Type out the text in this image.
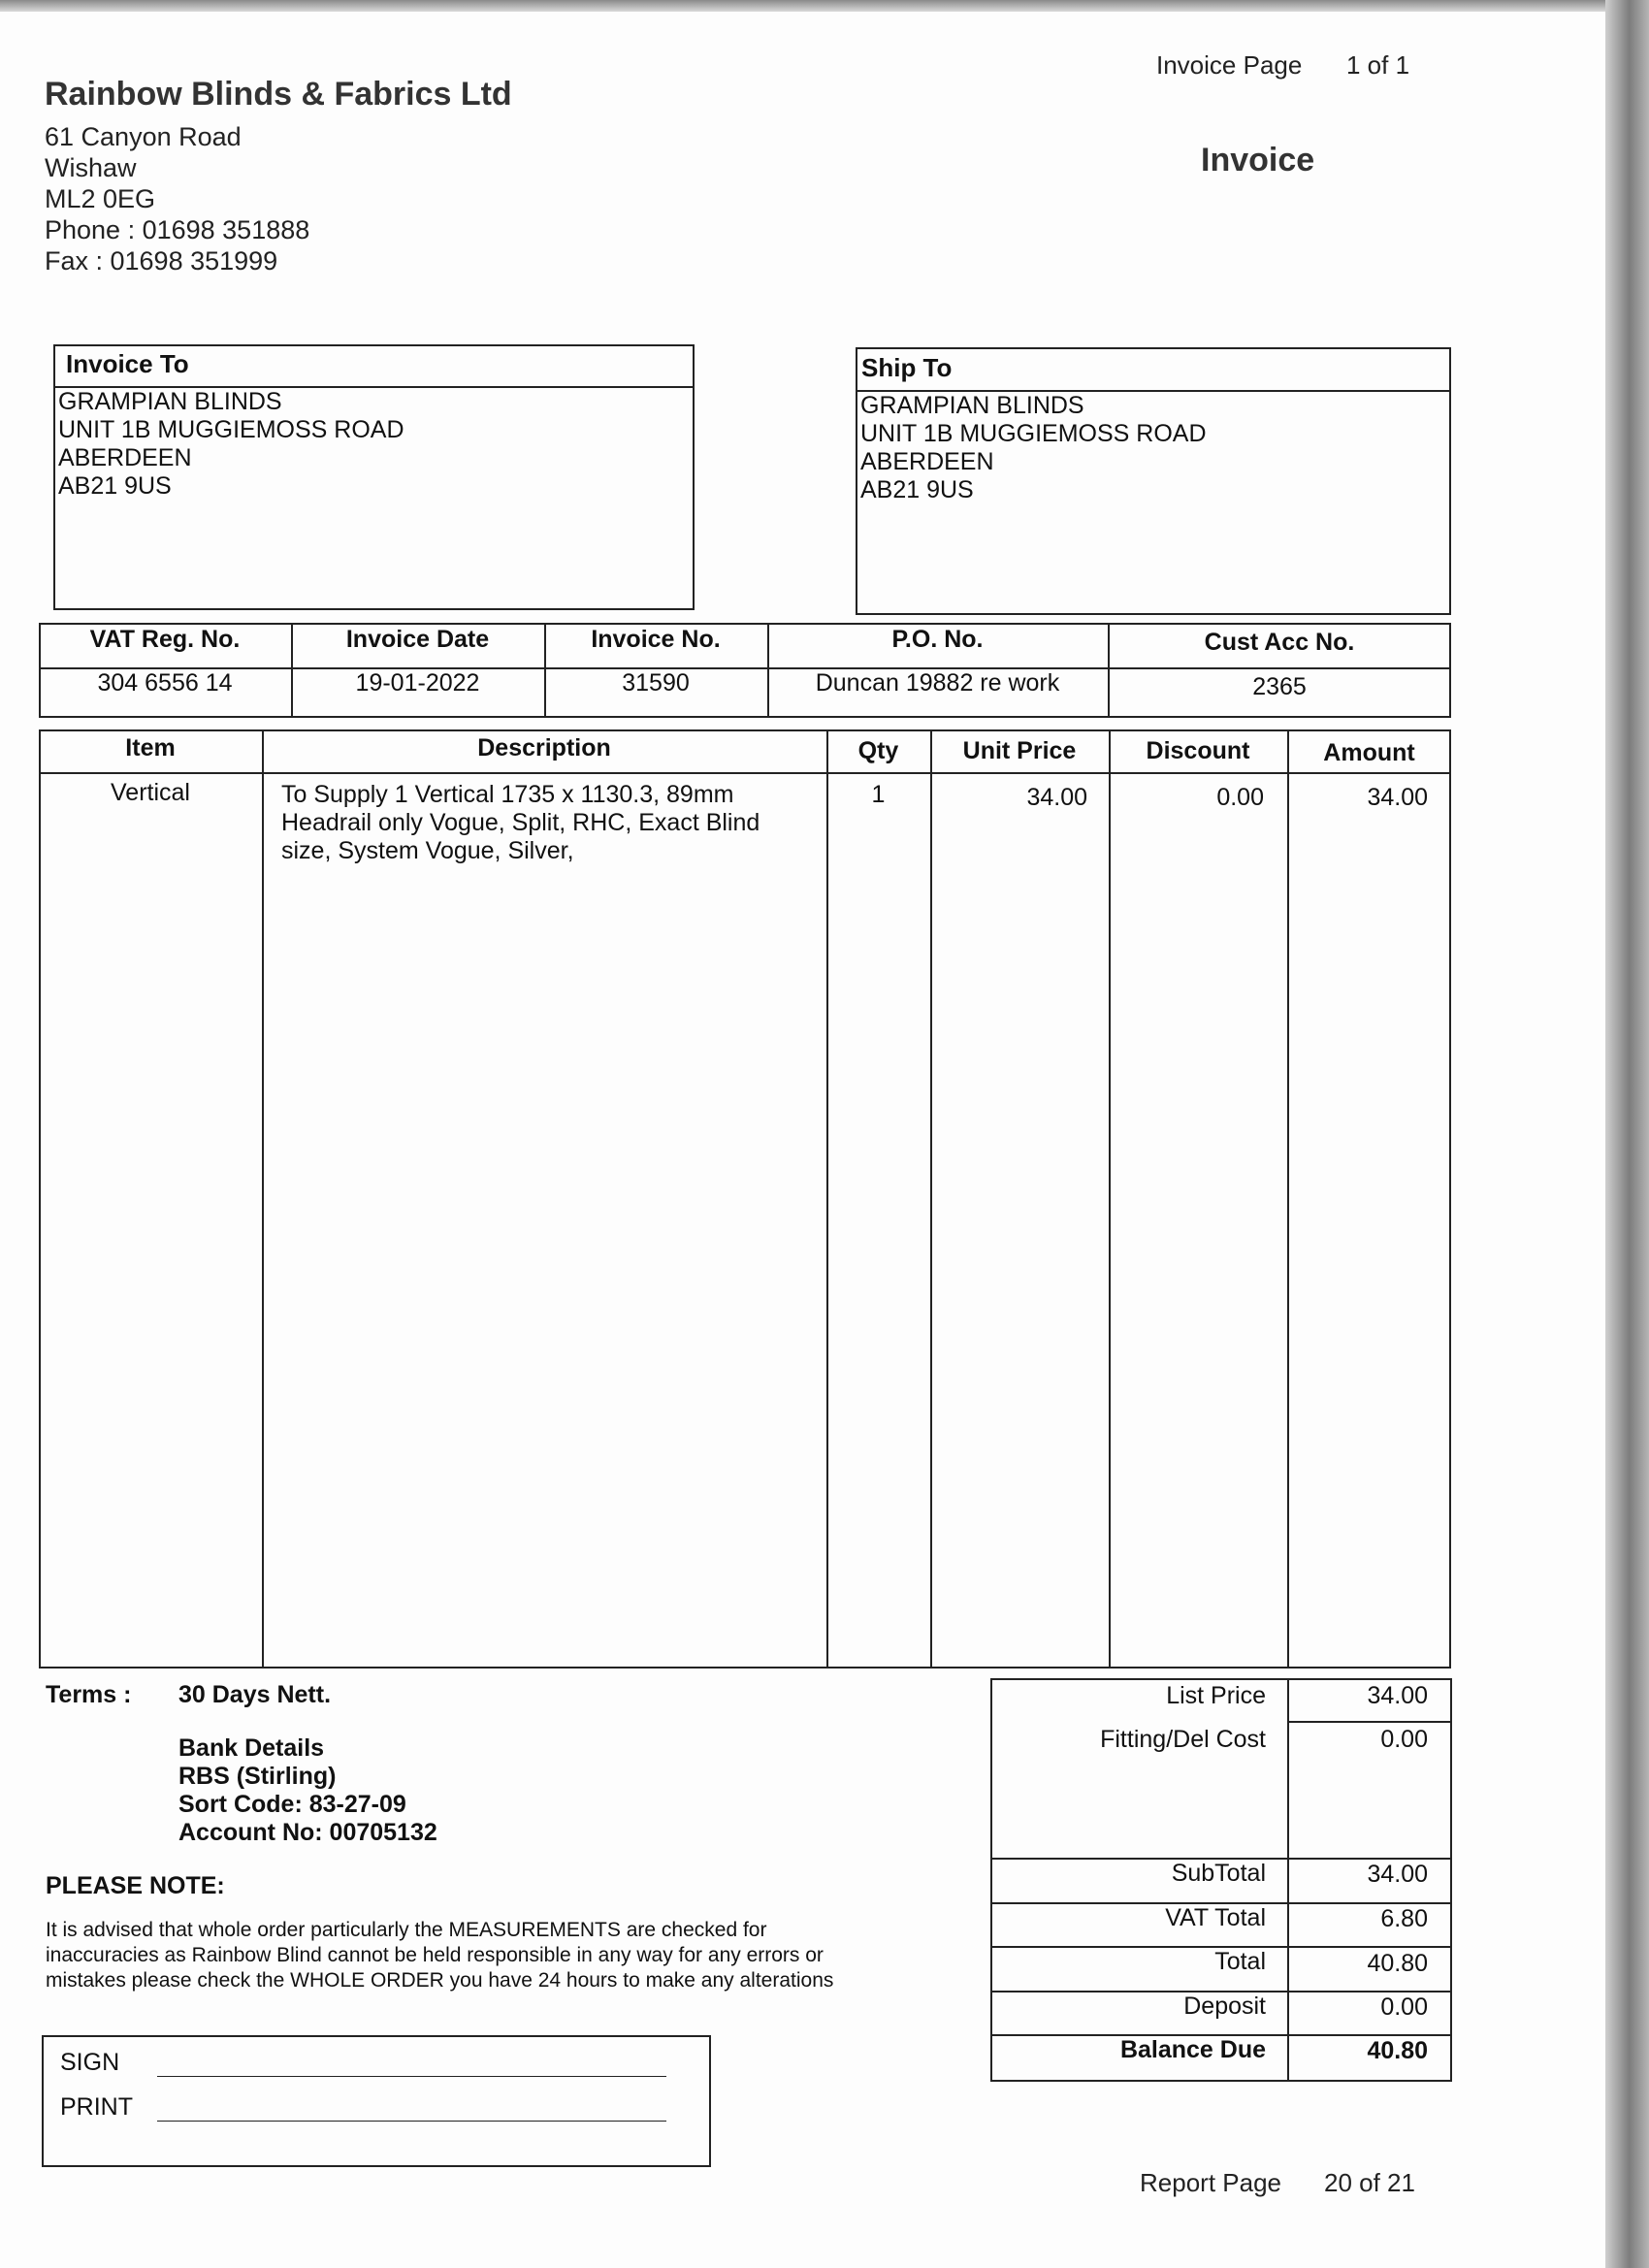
Invoice Page 1 of 1
Invoice
Rainbow Blinds & Fabrics Ltd
61 Canyon Road
Wishaw
ML2 0EG
Phone : 01698 351888
Fax : 01698 351999
Invoice To
GRAMPIAN BLINDS
UNIT 1B MUGGIEMOSS ROAD
ABERDEEN
AB21 9US
Ship To
GRAMPIAN BLINDS
UNIT 1B MUGGIEMOSS ROAD
ABERDEEN
AB21 9US
VAT Reg. No.	Invoice Date	Invoice No.	P.O. No.	Cust Acc No.
304 6556 14	19-01-2022	31590	Duncan 19882 re work	2365
Item	Description	Qty	Unit Price	Discount	Amount
Vertical	To Supply 1 Vertical 1735 x 1130.3, 89mm
Headrail only Vogue, Split, RHC, Exact Blind
size, System Vogue, Silver,
1	34.00	0.00	34.00
Terms : 30 Days Nett.
Bank Details
RBS (Stirling)
Sort Code: 83-27-09
Account No: 00705132
PLEASE NOTE:
It is advised that whole order particularly the MEASUREMENTS are checked for
inaccuracies as Rainbow Blind cannot be held responsible in any way for any errors or
mistakes please check the WHOLE ORDER you have 24 hours to make any alterations
SIGN
PRINT
List Price	34.00
Fitting/Del Cost	0.00
SubTotal	34.00
VAT Total	6.80
Total	40.80
Deposit	0.00
Balance Due	40.80
Report Page 20 of 21
